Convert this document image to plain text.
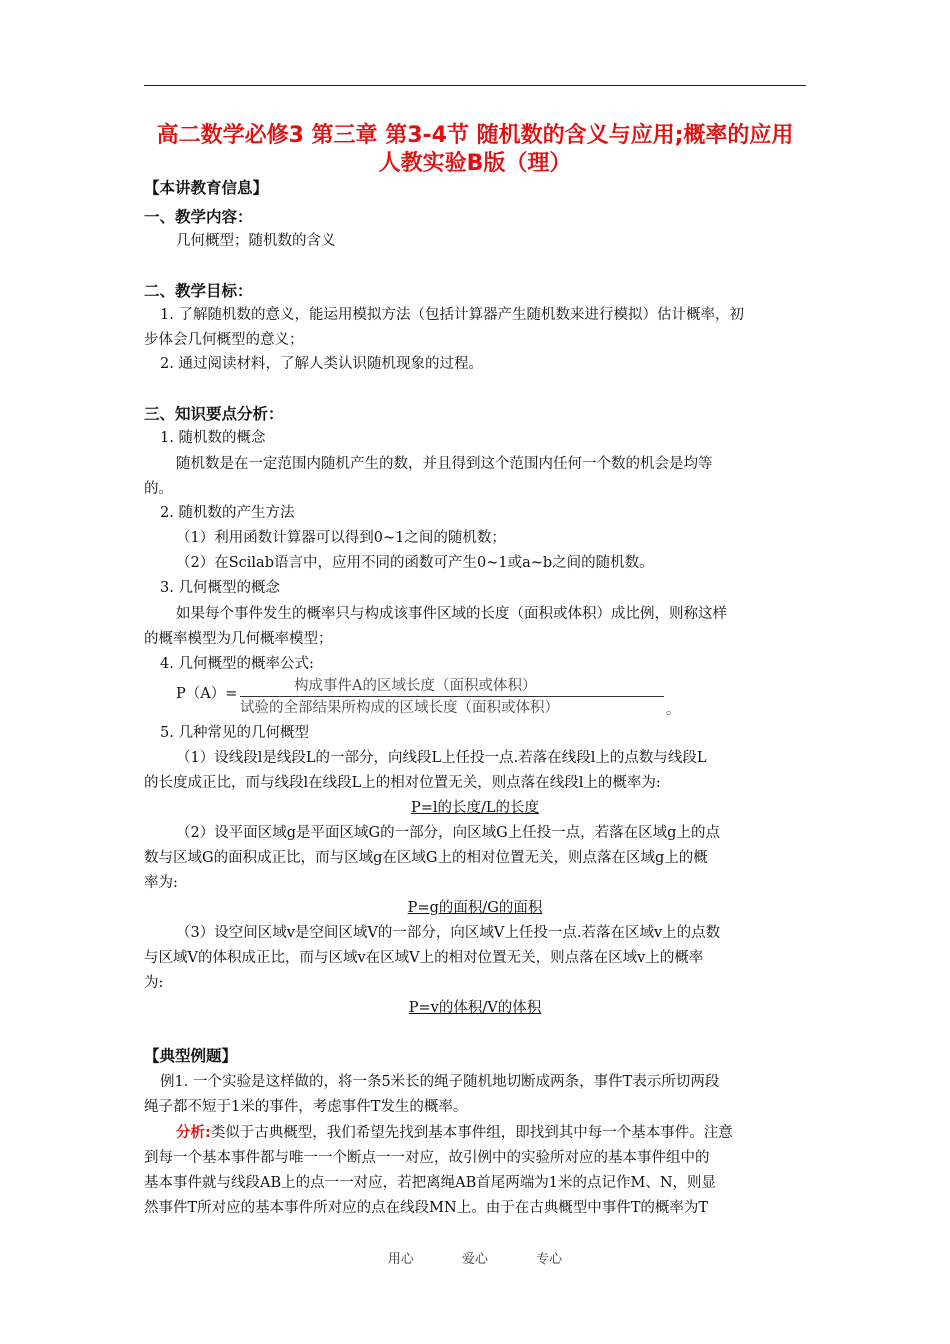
高二数学必修3 第三章 第3-4节 随机数的含义与应用;概率的应用
人教实验B版（理）
【本讲教育信息】
一、教学内容：
几何概型；随机数的含义
二、教学目标：
1. 了解随机数的意义，能运用模拟方法（包括计算器产生随机数来进行模拟）估计概率，初
步体会几何概型的意义；
2. 通过阅读材料，了解人类认识随机现象的过程。
三、知识要点分析：
1. 随机数的概念
随机数是在一定范围内随机产生的数，并且得到这个范围内任何一个数的机会是均等
的。
2. 随机数的产生方法
（1）利用函数计算器可以得到0~1之间的随机数；
（2）在Scilab语言中，应用不同的函数可产生0~1或a~b之间的随机数。
3. 几何概型的概念
如果每个事件发生的概率只与构成该事件区域的长度（面积或体积）成比例，则称这样
的概率模型为几何概率模型；
4. 几何概型的概率公式:
P（A）=	构成事件A的区域长度（面积或体积）
试验的全部结果所构成的区域长度（面积或体积）	。
5. 几种常见的几何概型
（1）设线段l是线段L的一部分，向线段L上任投一点.若落在线段l上的点数与线段L
的长度成正比，而与线段l在线段L上的相对位置无关，则点落在线段l上的概率为:
P=l的长度/L的长度
（2）设平面区域g是平面区域G的一部分，向区域G上任投一点，若落在区域g上的点
数与区域G的面积成正比，而与区域g在区域G上的相对位置无关，则点落在区域g上的概
率为:
P=g的面积/G的面积
（3）设空间区域v是空间区域V的一部分，向区域V上任投一点.若落在区域v上的点数
与区域V的体积成正比，而与区域v在区域V上的相对位置无关，则点落在区域v上的概率
为:
P=v的体积/V的体积
【典型例题】
例1. 一个实验是这样做的，将一条5米长的绳子随机地切断成两条，事件T表示所切两段
绳子都不短于1米的事件，考虑事件T发生的概率。
分析:类似于古典概型，我们希望先找到基本事件组，即找到其中每一个基本事件。注意
到每一个基本事件都与唯一一个断点一一对应，故引例中的实验所对应的基本事件组中的
基本事件就与线段AB上的点一一对应，若把离绳AB首尾两端为1米的点记作M、N，则显
然事件T所对应的基本事件所对应的点在线段MN上。由于在古典概型中事件T的概率为T
用心	爱心	专心
